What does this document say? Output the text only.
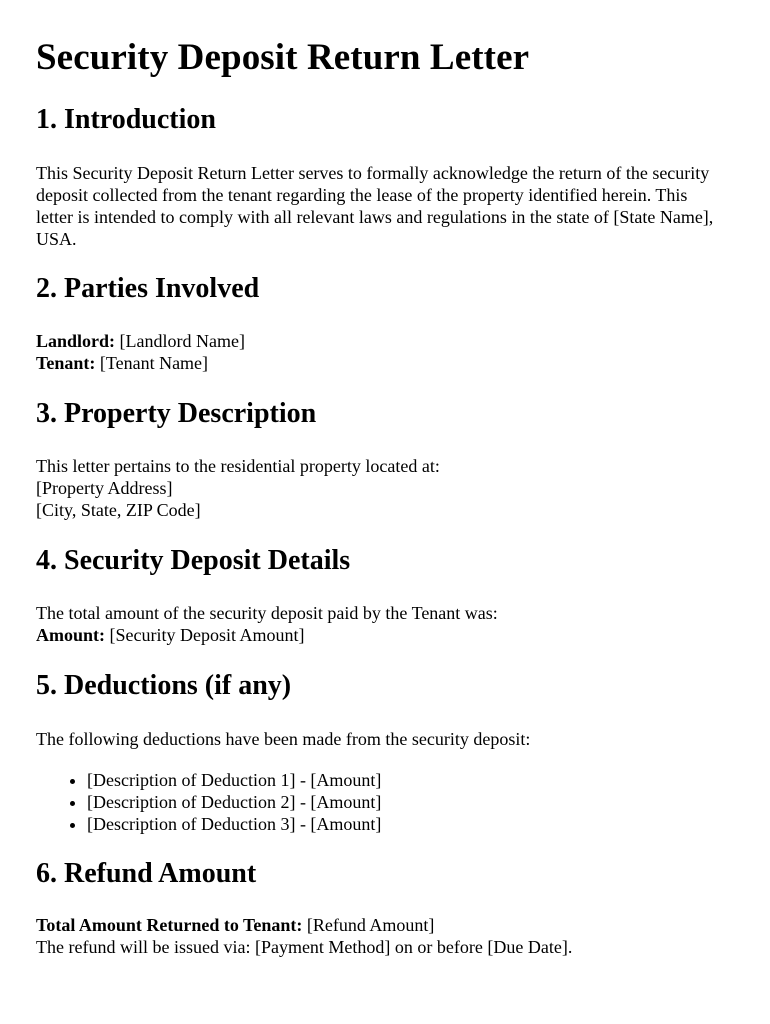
Security Deposit Return Letter
1. Introduction

This Security Deposit Return Letter serves to formally acknowledge the return of the security deposit collected from the tenant regarding the lease of the property identified herein. This letter is intended to comply with all relevant laws and regulations in the state of [State Name], USA.

2. Parties Involved

Landlord: [Landlord Name]
Tenant: [Tenant Name]

3. Property Description

This letter pertains to the residential property located at:
[Property Address]
[City, State, ZIP Code]

4. Security Deposit Details

The total amount of the security deposit paid by the Tenant was:
Amount: [Security Deposit Amount]

5. Deductions (if any)

The following deductions have been made from the security deposit:

• [Description of Deduction 1] - [Amount]
• [Description of Deduction 2] - [Amount]
• [Description of Deduction 3] - [Amount]
6. Refund Amount

Total Amount Returned to Tenant: [Refund Amount]
The refund will be issued via: [Payment Method] on or before [Due Date].
